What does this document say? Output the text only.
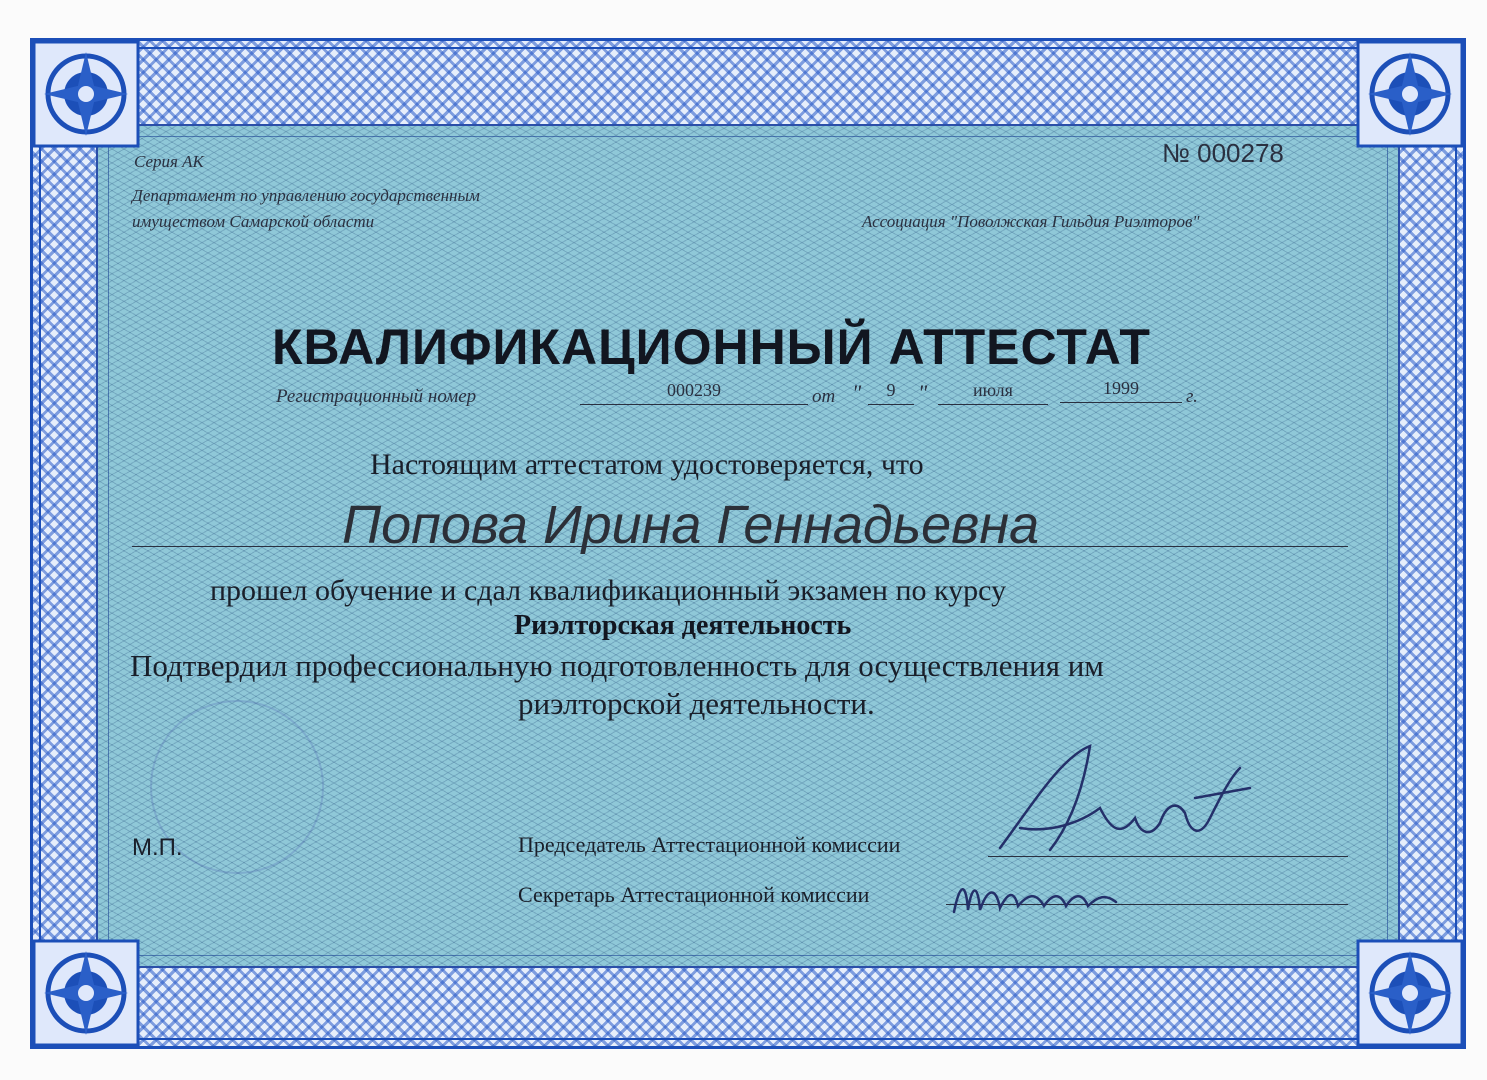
Серия АК
Департамент по управлению государственным
имуществом Самарской области
№ 000278
Ассоциация "Поволжская Гильдия Риэлторов"
КВАЛИФИКАЦИОННЫЙ АТТЕСТАТ
Регистрационный номер	000239	от "	9	"	июля	1999	г.
Настоящим аттестатом удостоверяется, что
Попова Ирина Геннадьевна
прошел обучение и сдал квалификационный экзамен по курсу
Риэлторская деятельность
Подтвердил профессиональную подготовленность для осуществления им
риэлторской деятельности.
М.П.	Председатель Аттестационной комиссии
Секретарь Аттестационной комиссии
